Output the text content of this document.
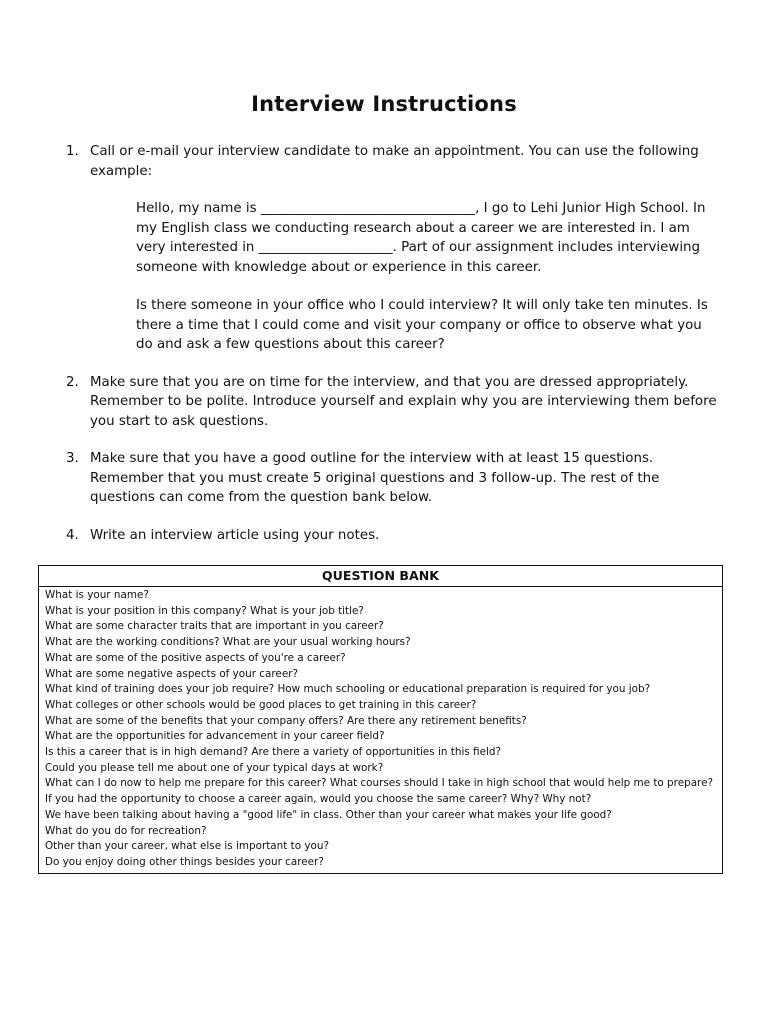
Interview Instructions
1. Call or e-mail your interview candidate to make an appointment. You can use the following example:

Hello, my name is ________________________________, I go to Lehi Junior High School. In my English class we conducting research about a career we are interested in. I am very interested in ____________________. Part of our assignment includes interviewing someone with knowledge about or experience in this career.

Is there someone in your office who I could interview? It will only take ten minutes. Is there a time that I could come and visit your company or office to observe what you do and ask a few questions about this career?

2. Make sure that you are on time for the interview, and that you are dressed appropriately. Remember to be polite. Introduce yourself and explain why you are interviewing them before you start to ask questions.
3. Make sure that you have a good outline for the interview with at least 15 questions. Remember that you must create 5 original questions and 3 follow-up. The rest of the questions can come from the question bank below.
4. Write an interview article using your notes.
QUESTION BANK
What is your name?
What is your position in this company? What is your job title?
What are some character traits that are important in you career?
What are the working conditions? What are your usual working hours?
What are some of the positive aspects of you're a career?
What are some negative aspects of your career?
What kind of training does your job require? How much schooling or educational preparation is required for you job?
What colleges or other schools would be good places to get training in this career?
What are some of the benefits that your company offers? Are there any retirement benefits?
What are the opportunities for advancement in your career field?
Is this a career that is in high demand? Are there a variety of opportunities in this field?
Could you please tell me about one of your typical days at work?
What can I do now to help me prepare for this career? What courses should I take in high school that would help me to prepare?
If you had the opportunity to choose a career again, would you choose the same career? Why? Why not?
We have been talking about having a "good life" in class. Other than your career what makes your life good?
What do you do for recreation?
Other than your career, what else is important to you?
Do you enjoy doing other things besides your career?
